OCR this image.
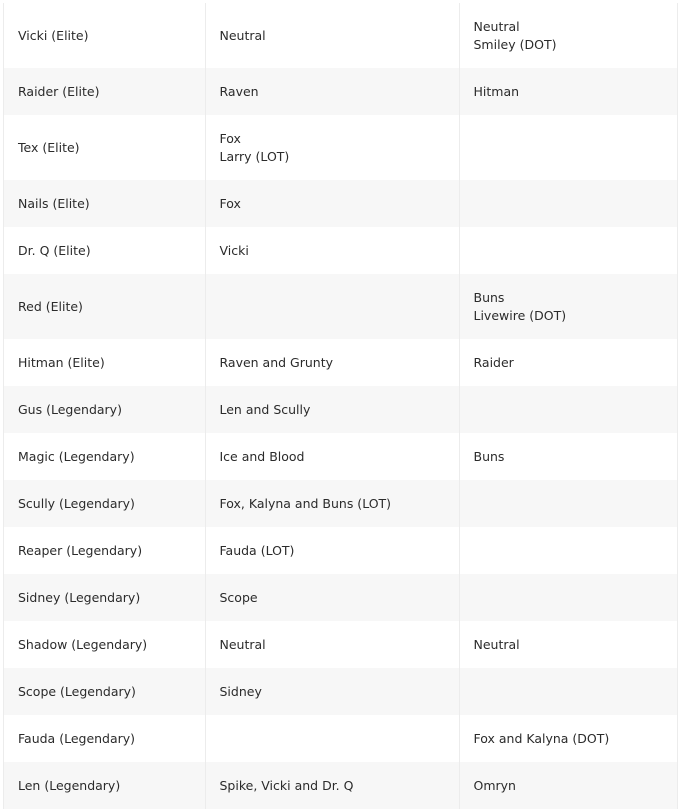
Vicki (Elite)	Neutral	Neutral
Smiley (DOT)

Raider (Elite)	Raven	Hitman

Tex (Elite)	Fox
Larry (LOT)	

Nails (Elite)	Fox	

Dr. Q (Elite)	Vicki	

Red (Elite)		Buns
Livewire (DOT)

Hitman (Elite)	Raven and Grunty	Raider

Gus (Legendary)	Len and Scully	

Magic (Legendary)	Ice and Blood	Buns

Scully (Legendary)	Fox, Kalyna and Buns (LOT)	

Reaper (Legendary)	Fauda (LOT)	

Sidney (Legendary)	Scope	

Shadow (Legendary)	Neutral	Neutral

Scope (Legendary)	Sidney	

Fauda (Legendary)		Fox and Kalyna (DOT)

Len (Legendary)	Spike, Vicki and Dr. Q	Omryn
